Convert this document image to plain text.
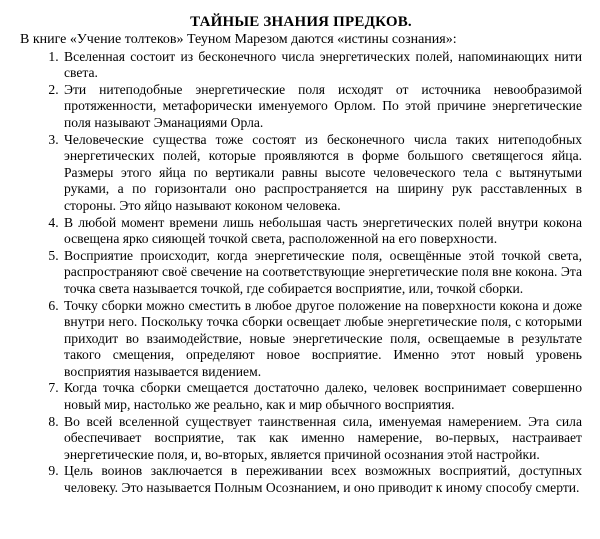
ТАЙНЫЕ ЗНАНИЯ ПРЕДКОВ.
В книге «Учение толтеков» Теуном Марезом даются «истины сознания»:
1. Вселенная состоит из бесконечного числа энергетических полей, напоминающих нити света.
2. Эти нитеподобные энергетические поля исходят от источника невообразимой протяженности, метафорически именуемого Орлом. По этой причине энергетические поля называют Эманациями Орла.
3. Человеческие существа тоже состоят из бесконечного числа таких нитеподобных энергетических полей, которые проявляются в форме большого светящегося яйца. Размеры этого яйца по вертикали равны высоте человеческого тела с вытянутыми руками, а по горизонтали оно распространяется на ширину рук расставленных в стороны. Это яйцо называют коконом человека.
4. В любой момент времени лишь небольшая часть энергетических полей внутри кокона освещена ярко сияющей точкой света, расположенной на его поверхности.
5. Восприятие происходит, когда энергетические поля, освещённые этой точкой света, распространяют своё свечение на соответствующие энергетические поля вне кокона. Эта точка света называется точкой, где собирается восприятие, или, точкой сборки.
6. Точку сборки можно сместить в любое другое положение на поверхности кокона и доже внутри него. Поскольку точка сборки освещает любые энергетические поля, с которыми приходит во взаимодействие, новые энергетические поля, освещаемые в результате такого смещения, определяют новое восприятие. Именно этот новый уровень восприятия называется видением.
7. Когда точка сборки смещается достаточно далеко, человек воспринимает совершенно новый мир, настолько же реально, как и мир обычного восприятия.
8. Во всей вселенной существует таинственная сила, именуемая намерением. Эта сила обеспечивает восприятие, так как именно намерение, во-первых, настраивает энергетические поля, и, во-вторых, является причиной осознания этой настройки.
9. Цель воинов заключается в переживании всех возможных восприятий, доступных человеку. Это называется Полным Осознанием, и оно приводит к иному способу смерти.
